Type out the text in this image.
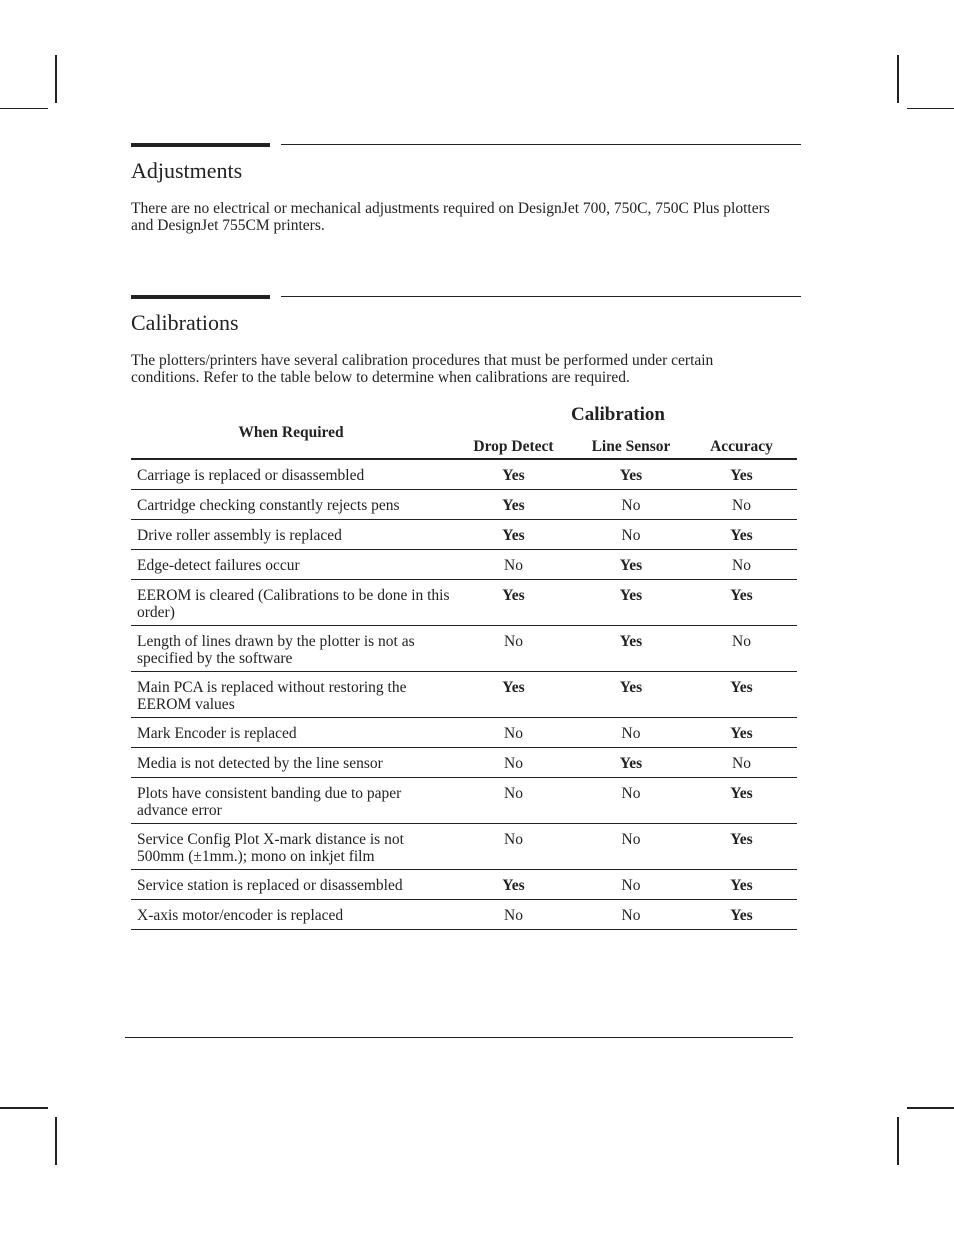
Adjustments

There are no electrical or mechanical adjustments required on DesignJet 700, 750C, 750C Plus plotters and DesignJet 755CM printers.

Calibrations

The plotters/printers have several calibration procedures that must be performed under certain conditions. Refer to the table below to determine when calibrations are required.

Calibration
When Required	Drop Detect	Line Sensor	Accuracy
Carriage is replaced or disassembled	Yes	Yes	Yes
Cartridge checking constantly rejects pens	Yes	No	No
Drive roller assembly is replaced	Yes	No	Yes
Edge-detect failures occur	No	Yes	No
EEROM is cleared (Calibrations to be done in this order)	Yes	Yes	Yes
Length of lines drawn by the plotter is not as specified by the software	No	Yes	No
Main PCA is replaced without restoring the EEROM values	Yes	Yes	Yes
Mark Encoder is replaced	No	No	Yes
Media is not detected by the line sensor	No	Yes	No
Plots have consistent banding due to paper advance error	No	No	Yes
Service Config Plot X-mark distance is not 500mm (±1mm.); mono on inkjet film	No	No	Yes
Service station is replaced or disassembled	Yes	No	Yes
X-axis motor/encoder is replaced	No	No	Yes
